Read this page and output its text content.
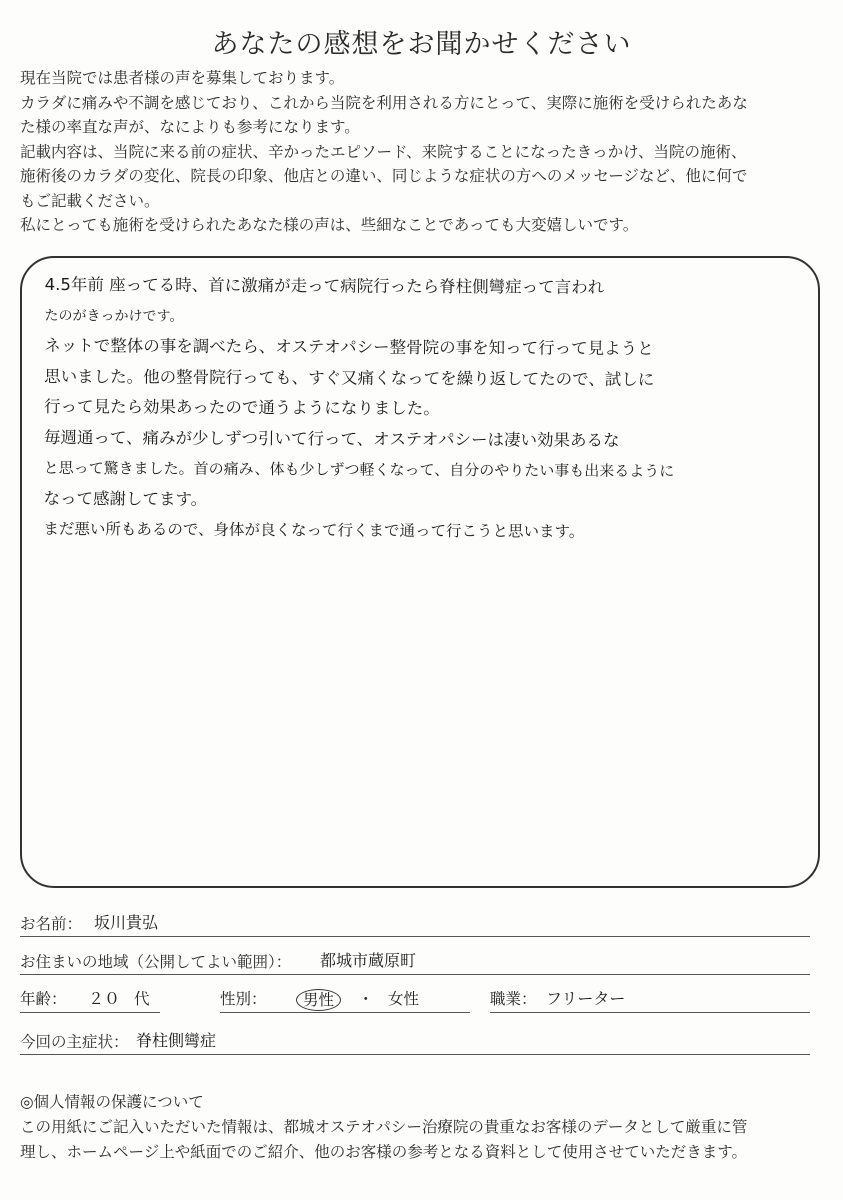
あなたの感想をお聞かせください
現在当院では患者様の声を募集しております。
カラダに痛みや不調を感じており、これから当院を利用される方にとって、実際に施術を受けられたあな
た様の率直な声が、なによりも参考になります。
記載内容は、当院に来る前の症状、辛かったエピソード、来院することになったきっかけ、当院の施術、
施術後のカラダの変化、院長の印象、他店との違い、同じような症状の方へのメッセージなど、他に何で
もご記載ください。
私にとっても施術を受けられたあなた様の声は、些細なことであっても大変嬉しいです。
4.5年前 座ってる時、首に激痛が走って病院行ったら脊柱側彎症って言われ
たのがきっかけです。
ネットで整体の事を調べたら、オステオパシー整骨院の事を知って行って見ようと
思いました。他の整骨院行っても、すぐ又痛くなってを繰り返してたので、試しに
行って見たら効果あったので通うようになりました。
毎週通って、痛みが少しずつ引いて行って、オステオパシーは凄い効果あるな
と思って驚きました。首の痛み、体も少しずつ軽くなって、自分のやりたい事も出来るように
なって感謝してます。
まだ悪い所もあるので、身体が良くなって行くまで通って行こうと思います。
お名前： 坂川貴弘
お住まいの地域（公開してよい範囲）： 都城市蔵原町
年齢： ２０ 代	性別：	男性	・ 女性	職業： フリーター
今回の主症状： 脊柱側彎症
◎個人情報の保護について
この用紙にご記入いただいた情報は、都城オステオパシー治療院の貴重なお客様のデータとして厳重に管
理し、ホームページ上や紙面でのご紹介、他のお客様の参考となる資料として使用させていただきます。
